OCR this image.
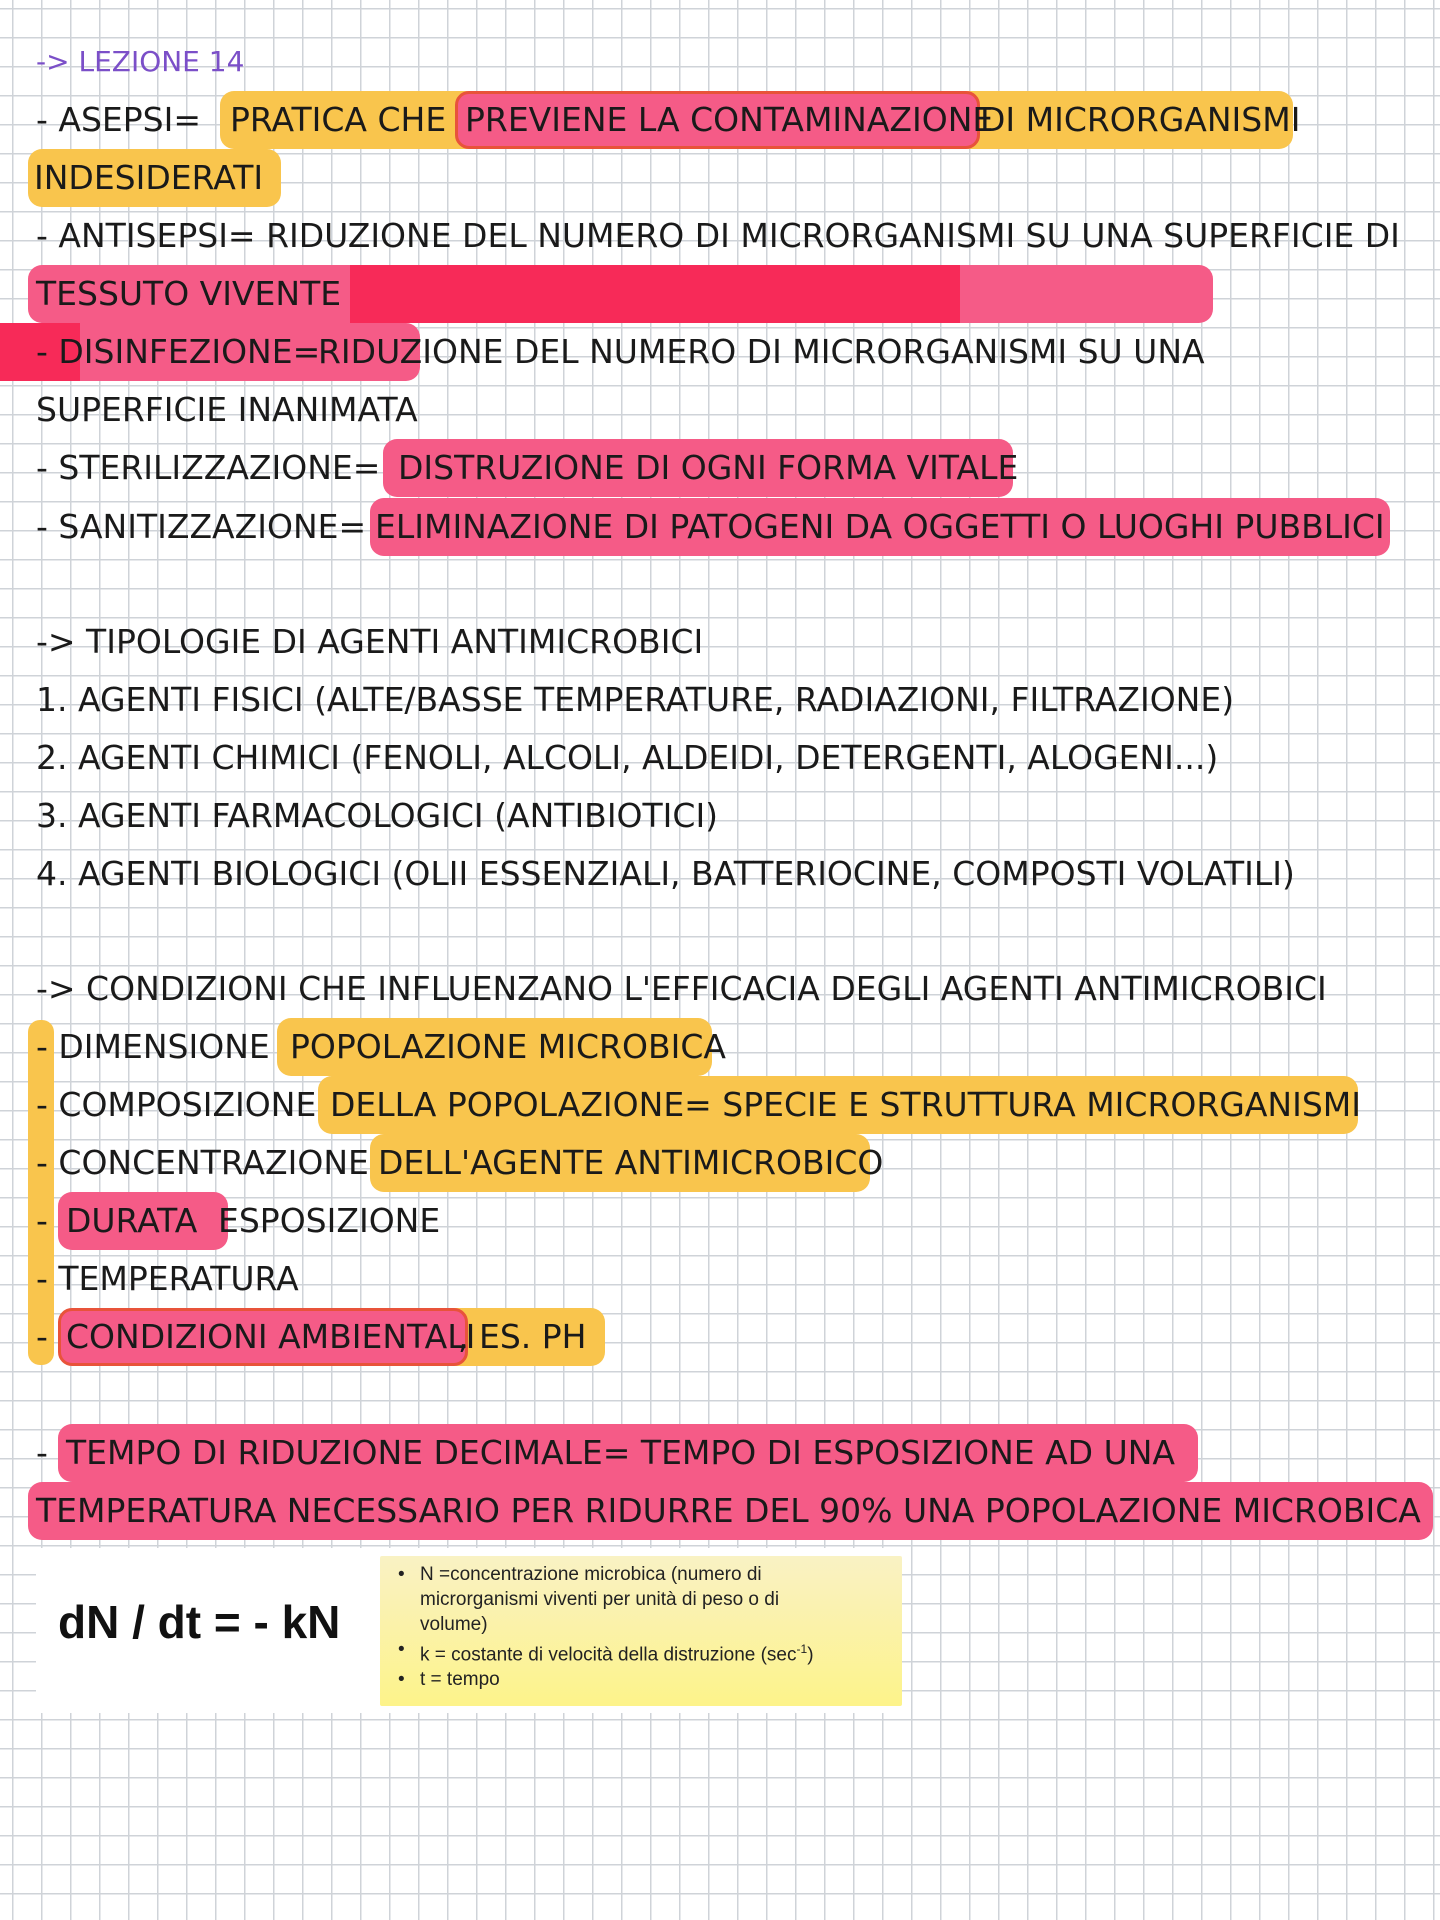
-> LEZIONE 14
- ASEPSI= PRATICA CHE PREVIENE LA CONTAMINAZIONE
DI MICRORGANISMI
INDESIDERATI
- ANTISEPSI= RIDUZIONE DEL NUMERO DI MICRORGANISMI SU UNA SUPERFICIE DI
TESSUTO VIVENTE
- DISINFEZIONE=
RIDUZIONE DEL NUMERO DI MICRORGANISMI SU UNA
SUPERFICIE INANIMATA
- STERILIZZAZIONE= DISTRUZIONE DI OGNI FORMA VITALE
- SANITIZZAZIONE= ELIMINAZIONE DI PATOGENI DA OGGETTI O LUOGHI PUBBLICI
-> TIPOLOGIE DI AGENTI ANTIMICROBICI
1. AGENTI FISICI (ALTE/BASSE TEMPERATURE, RADIAZIONI, FILTRAZIONE)
2. AGENTI CHIMICI (FENOLI, ALCOLI, ALDEIDI, DETERGENTI, ALOGENI...)
3. AGENTI FARMACOLOGICI (ANTIBIOTICI)
4. AGENTI BIOLOGICI (OLII ESSENZIALI, BATTERIOCINE, COMPOSTI VOLATILI)
-> CONDIZIONI CHE INFLUENZANO L'EFFICACIA DEGLI AGENTI ANTIMICROBICI
- DIMENSIONE POPOLAZIONE MICROBICA
- COMPOSIZIONE DELLA POPOLAZIONE= SPECIE E STRUTTURA MICRORGANISMI
- CONCENTRAZIONE DELL'AGENTE ANTIMICROBICO
- DURATA ESPOSIZIONE
- TEMPERATURA
- CONDIZIONI AMBIENTALI
, ES. PH
- TEMPO DI RIDUZIONE DECIMALE= TEMPO DI ESPOSIZIONE AD UNA
TEMPERATURA NECESSARIO PER RIDURRE DEL 90% UNA POPOLAZIONE MICROBICA
dN / dt = - kN
• N =concentrazione microbica (numero di
microrganismi viventi per unità di peso o di
volume)
• k = costante di velocità della distruzione $(\sec^{-1})$
• t = tempo
